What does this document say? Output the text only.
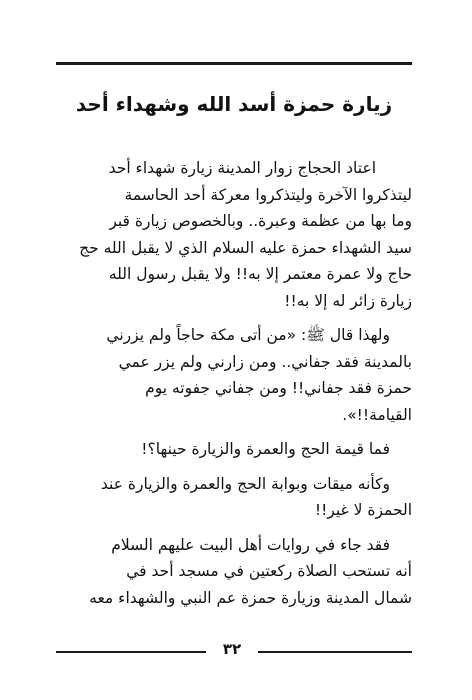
زيارة حمزة أسد الله وشهداء أحد

اعتاد الحجاج زوار المدينة زيارة شهداء أحد
ليتذكروا الآخرة وليتذكروا معركة أحد الحاسمة
وما بها من عظمة وعبرة.. وبالخصوص زيارة قبر
سيد الشهداء حمزة عليه السلام الذي لا يقبل الله حج
حاج ولا عمرة معتمر إلا به!! ولا يقبل رسول الله
زيارة زائر له إلا به!!

ولهذا قال ﷺ: «من أتى مكة حاجاً ولم يزرني
بالمدينة فقد جفاني.. ومن زارني ولم يزر عمي
حمزة فقد جفاني!! ومن جفاني جفوته يوم
القيامة!!».

فما قيمة الحج والعمرة والزيارة حينها؟!

وكأنه ميقات وبوابة الحج والعمرة والزيارة عند
الحمزة لا غير!!

فقد جاء في روايات أهل البيت عليهم السلام
أنه تستحب الصلاة ركعتين في مسجد أحد في
شمال المدينة وزيارة حمزة عم النبي والشهداء معه

٣٢
